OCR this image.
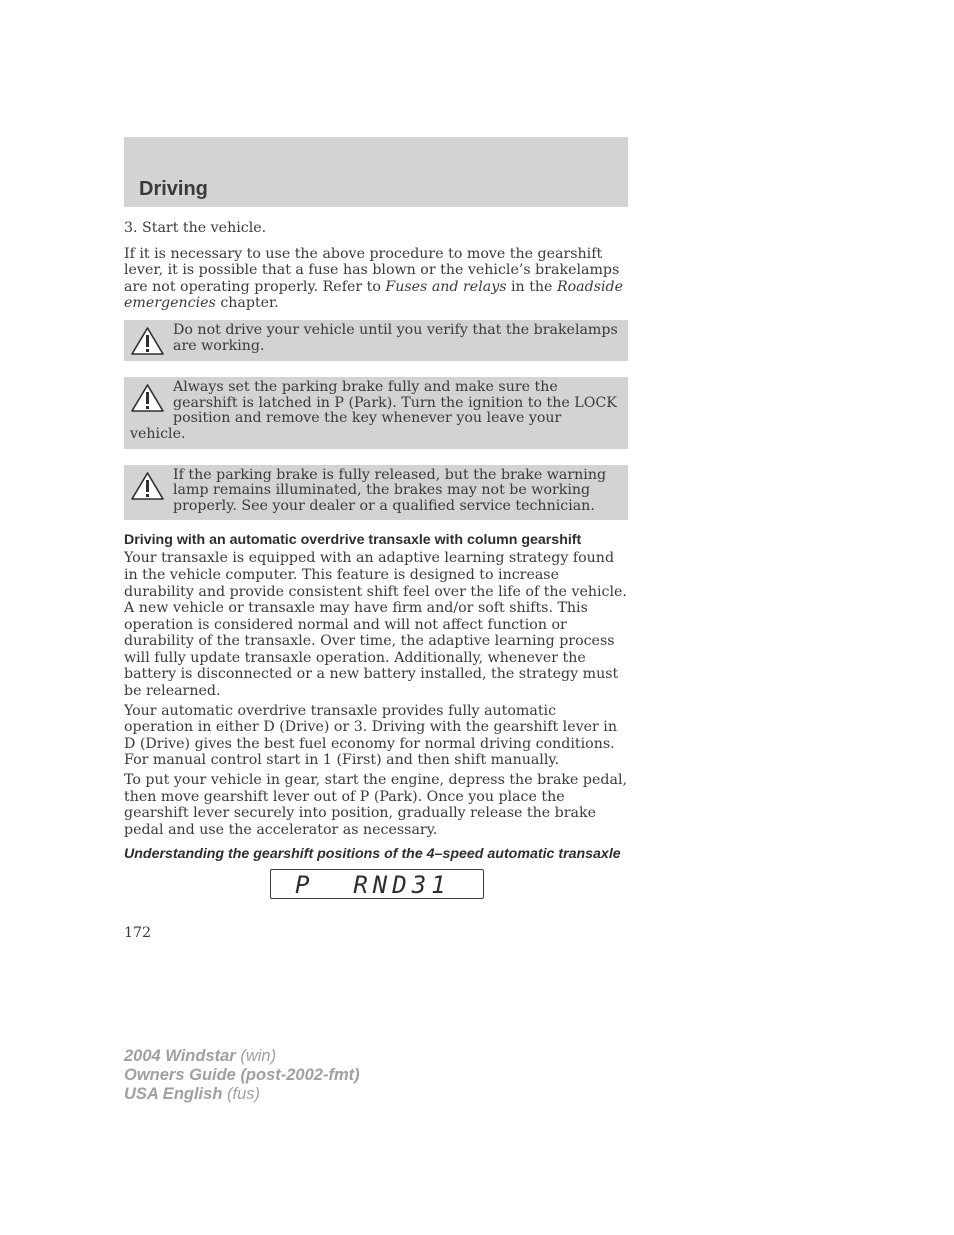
Driving

3. Start the vehicle.

If it is necessary to use the above procedure to move the gearshift lever, it is possible that a fuse has blown or the vehicle’s brakelamps are not operating properly. Refer to Fuses and relays in the Roadside emergencies chapter.

Do not drive your vehicle until you verify that the brakelamps are working.

Always set the parking brake fully and make sure the gearshift is latched in P (Park). Turn the ignition to the LOCK position and remove the key whenever you leave your vehicle.

If the parking brake is fully released, but the brake warning lamp remains illuminated, the brakes may not be working properly. See your dealer or a qualified service technician.

Driving with an automatic overdrive transaxle with column gearshift

Your transaxle is equipped with an adaptive learning strategy found in the vehicle computer. This feature is designed to increase durability and provide consistent shift feel over the life of the vehicle. A new vehicle or transaxle may have firm and/or soft shifts. This operation is considered normal and will not affect function or durability of the transaxle. Over time, the adaptive learning process will fully update transaxle operation. Additionally, whenever the battery is disconnected or a new battery installed, the strategy must be relearned.

Your automatic overdrive transaxle provides fully automatic operation in either D (Drive) or 3. Driving with the gearshift lever in D (Drive) gives the best fuel economy for normal driving conditions. For manual control start in 1 (First) and then shift manually.

To put your vehicle in gear, start the engine, depress the brake pedal, then move gearshift lever out of P (Park). Once you place the gearshift lever securely into position, gradually release the brake pedal and use the accelerator as necessary.

Understanding the gearshift positions of the 4–speed automatic transaxle
P  RND31
172
2004 Windstar (win)
Owners Guide (post-2002-fmt)
USA English (fus)
